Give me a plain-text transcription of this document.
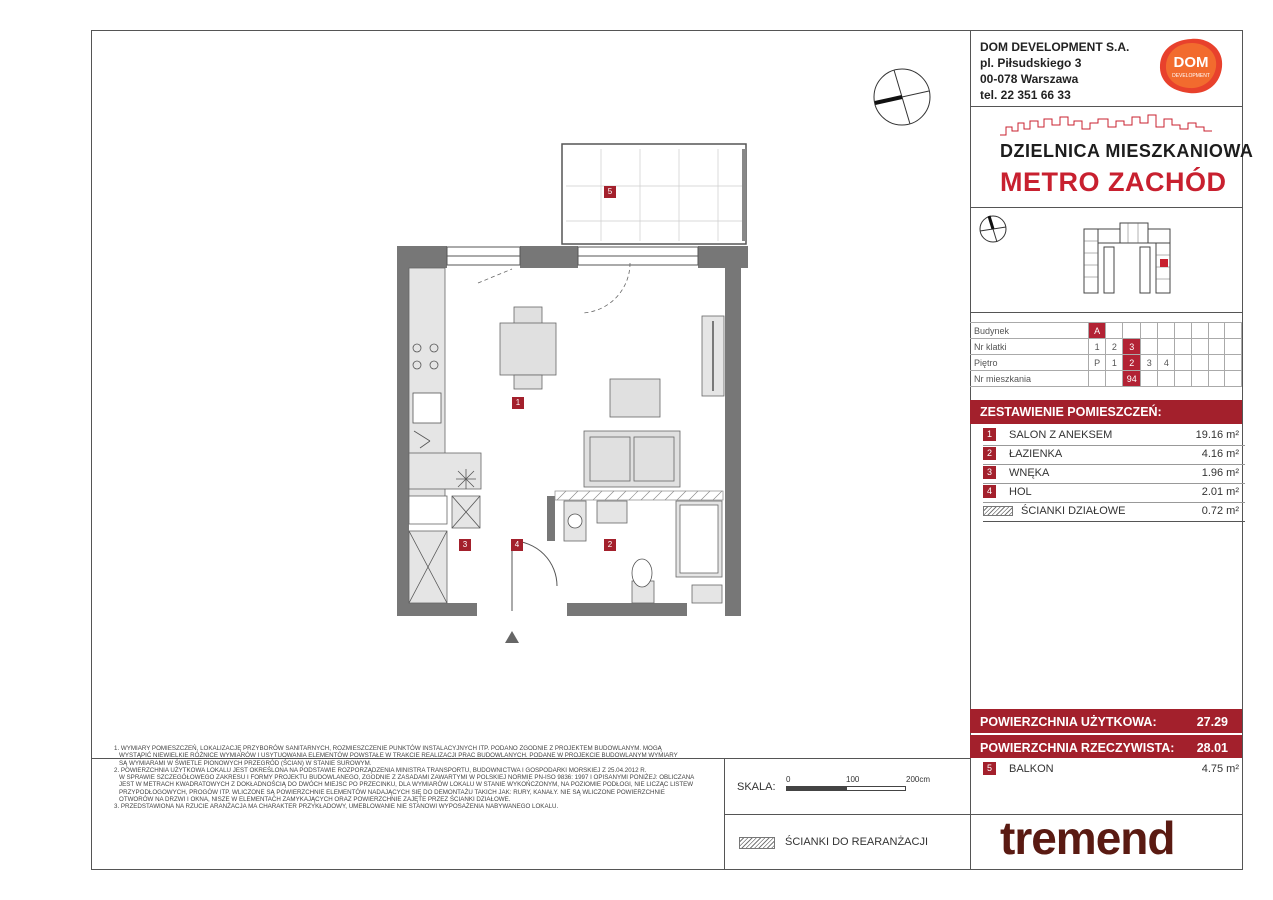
DOM DEVELOPMENT S.A.
pl. Piłsudskiego 3
00-078 Warszawa
tel. 22 351 66 33
DOM
DEVELOPMENT
DZIELNICA MIESZKANIOWA
METRO ZACHÓD
Budynek	A								
Nr klatki	1	2	3						
Piętro	P	1	2	3	4				
Nr mieszkania			94						
ZESTAWIENIE POMIESZCZEŃ:
1	SALON Z ANEKSEM	19.16 m²
2	ŁAZIENKA	4.16 m²
3	WNĘKA	1.96 m²
4	HOL	2.01 m²
ŚCIANKI DZIAŁOWE	0.72 m²
POWIERZCHNIA UŻYTKOWA:	27.29
POWIERZCHNIA RZECZYWISTA: 28.01
5	BALKON	4.75 m²
1. WYMIARY POMIESZCZEŃ, LOKALIZACJĘ PRZYBORÓW SANITARNYCH, ROZMIESZCZENIE PUNKTÓW INSTALACYJNYCH ITP. PODANO ZGODNIE Z PROJEKTEM BUDOWLANYM. MOGĄ
WYSTĄPIĆ NIEWIELKIE RÓŻNICE WYMIARÓW I USYTUOWANIA ELEMENTÓW POWSTAŁE W TRAKCIE REALIZACJI PRAC BUDOWLANYCH. PODANE W PROJEKCIE BUDOWLANYM WYMIARY
SĄ WYMIARAMI W ŚWIETLE PIONOWYCH PRZEGRÓD (ŚCIAN) W STANIE SUROWYM.
2. POWIERZCHNIA UŻYTKOWA LOKALU JEST OKREŚLONA NA PODSTAWIE ROZPORZĄDZENIA MINISTRA TRANSPORTU, BUDOWNICTWA I GOSPODARKI MORSKIEJ Z 25.04.2012 R.
W SPRAWIE SZCZEGÓŁOWEGO ZAKRESU I FORMY PROJEKTU BUDOWLANEGO, ZGODNIE Z ZASADAMI ZAWARTYMI W POLSKIEJ NORMIE PN-ISO 9836: 1997 I OPISANYMI PONIŻEJ: OBLICZANA
JEST W METRACH KWADRATOWYCH Z DOKŁADNOŚCIĄ DO DWÓCH MIEJSC PO PRZECINKU, DLA WYMIARÓW LOKALU W STANIE WYKOŃCZONYM, NA POZIOMIE PODŁOGI, NIE LICZĄC LISTEW
PRZYPODŁOGOWYCH, PROGÓW ITP. WLICZONE SĄ POWIERZCHNIE ELEMENTÓW NADAJĄCYCH SIĘ DO DEMONTAŻU TAKICH JAK: RURY, KANAŁY. NIE SĄ WLICZONE POWIERZCHNIE
OTWORÓW NA DRZWI I OKNA, NISZE W ELEMENTACH ZAMYKAJĄCYCH ORAZ POWIERZCHNIE ZAJĘTE PRZEZ ŚCIANKI DZIAŁOWE.
3. PRZEDSTAWIONA NA RZUCIE ARANŻACJA MA CHARAKTER PRZYKŁADOWY, UMEBLOWANIE NIE STANOWI WYPOSAŻENIA NABYWANEGO LOKALU.
SKALA:
0	100	200cm
ŚCIANKI DO REARANŻACJI tremend
5
1
2
3	4
